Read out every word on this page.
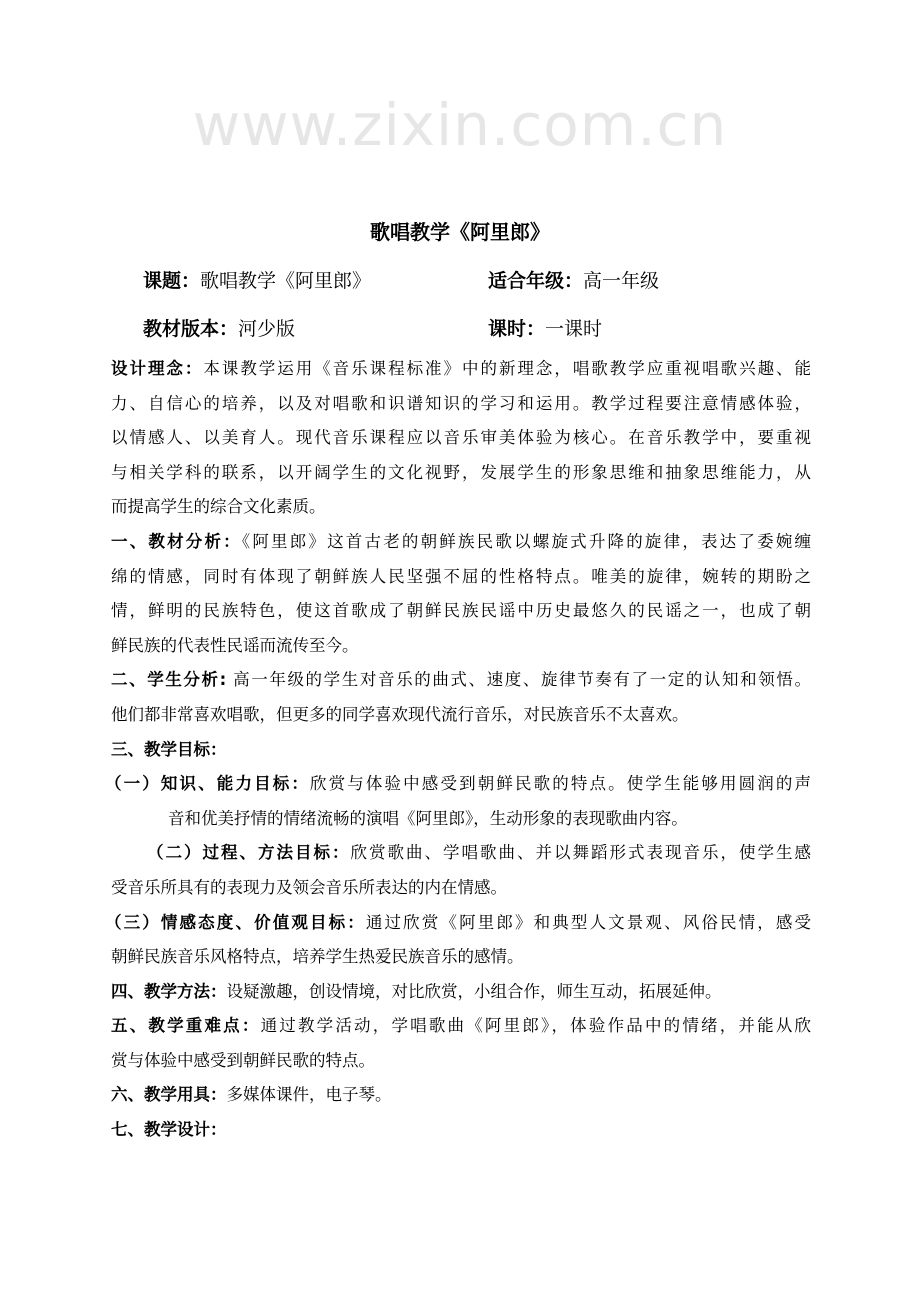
www.zixin.com.cn
歌唱教学《阿里郎》
课题：歌唱教学《阿里郎》	适合年级：高一年级
教材版本：河少版	课时：一课时
设计理念：本课教学运用《音乐课程标准》中的新理念，唱歌教学应重视唱歌兴趣、能
力、自信心的培养，以及对唱歌和识谱知识的学习和运用。教学过程要注意情感体验，
以情感人、以美育人。现代音乐课程应以音乐审美体验为核心。在音乐教学中，要重视
与相关学科的联系，以开阔学生的文化视野，发展学生的形象思维和抽象思维能力，从
而提高学生的综合文化素质。
一、教材分析：《阿里郎》这首古老的朝鲜族民歌以螺旋式升降的旋律，表达了委婉缠
绵的情感，同时有体现了朝鲜族人民坚强不屈的性格特点。唯美的旋律，婉转的期盼之
情，鲜明的民族特色，使这首歌成了朝鲜民族民谣中历史最悠久的民谣之一，也成了朝
鲜民族的代表性民谣而流传至今。
二、学生分析: 高一年级的学生对音乐的曲式、速度、旋律节奏有了一定的认知和领悟。
他们都非常喜欢唱歌，但更多的同学喜欢现代流行音乐，对民族音乐不太喜欢。
三、教学目标：
（一）知识、能力目标：欣赏与体验中感受到朝鲜民歌的特点。使学生能够用圆润的声
音和优美抒情的情绪流畅的演唱《阿里郎》，生动形象的表现歌曲内容。
（二）过程、方法目标：欣赏歌曲、学唱歌曲、并以舞蹈形式表现音乐，使学生感
受音乐所具有的表现力及领会音乐所表达的内在情感。
（三）情感态度、价值观目标：通过欣赏《阿里郎》和典型人文景观、风俗民情，感受
朝鲜民族音乐风格特点，培养学生热爱民族音乐的感情。
四、教学方法：设疑激趣，创设情境，对比欣赏，小组合作，师生互动，拓展延伸。
五、教学重难点：通过教学活动，学唱歌曲《阿里郎》，体验作品中的情绪，并能从欣
赏与体验中感受到朝鲜民歌的特点。
六、教学用具：多媒体课件，电子琴。
七、教学设计：
